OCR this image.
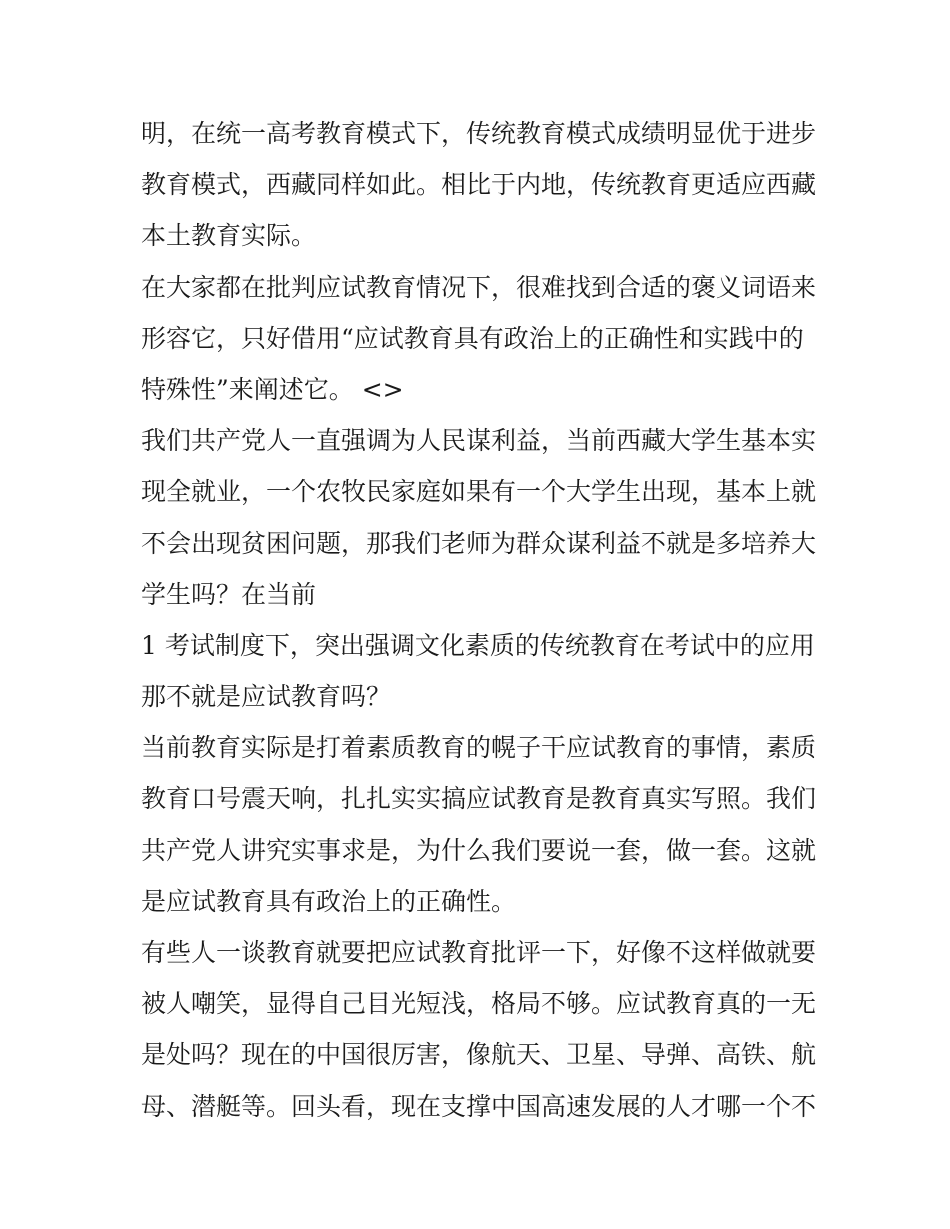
明，在统一高考教育模式下，传统教育模式成绩明显优于进步
教育模式，西藏同样如此。相比于内地，传统教育更适应西藏
本土教育实际。
在大家都在批判应试教育情况下，很难找到合适的褒义词语来
形容它，只好借用“应试教育具有政治上的正确性和实践中的
特殊性”来阐述它。 <>
我们共产党人一直强调为人民谋利益，当前西藏大学生基本实
现全就业，一个农牧民家庭如果有一个大学生出现，基本上就
不会出现贫困问题，那我们老师为群众谋利益不就是多培养大
学生吗？在当前
1 考试制度下，突出强调文化素质的传统教育在考试中的应用
那不就是应试教育吗？
当前教育实际是打着素质教育的幌子干应试教育的事情，素质
教育口号震天响，扎扎实实搞应试教育是教育真实写照。我们
共产党人讲究实事求是，为什么我们要说一套，做一套。这就
是应试教育具有政治上的正确性。
有些人一谈教育就要把应试教育批评一下，好像不这样做就要
被人嘲笑，显得自己目光短浅，格局不够。应试教育真的一无
是处吗？现在的中国很厉害，像航天、卫星、导弹、高铁、航
母、潜艇等。回头看，现在支撑中国高速发展的人才哪一个不
